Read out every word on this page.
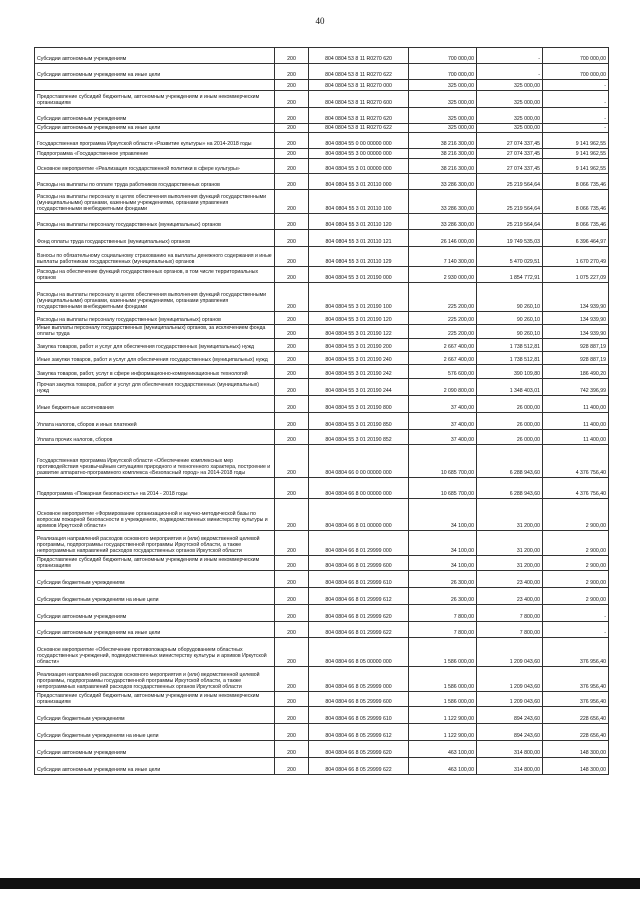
40
Субсидии автономным учреждениям	200	804 0804 53 8 11 R0270 620	700 000,00	-	700 000,00
Субсидии автономным учреждениям на иные цели	200	804 0804 53 8 11 R0270 622	700 000,00	-	700 000,00
	200	804 0804 53 8 11 R0270 000	325 000,00	325 000,00	-
Предоставление субсидий бюджетным, автономным учреждениям и иным некоммерческим организациям	200	804 0804 53 8 11 R0270 600	325 000,00	325 000,00	-
Субсидии автономным учреждениям	200	804 0804 53 8 11 R0270 620	325 000,00	325 000,00	-
Субсидии автономным учреждениям на иные цели	200	804 0804 53 8 11 R0270 622	325 000,00	325 000,00	-
Государственная программа Иркутской области «Развитие культуры» на 2014-2018 годы	200	804 0804 55 0 00 00000 000	38 216 300,00	27 074 337,45	9 141 962,55
Подпрограмма «Государственное управление	200	804 0804 55 3 00 00000 000	38 216 300,00	27 074 337,45	9 141 962,55
Основное мероприятие «Реализация государственной политики в сфере культуры»	200	804 0804 55 3 01 00000 000	38 216 300,00	27 074 337,45	9 141 962,55
Расходы на выплаты по оплате труда работников государственных органов	200	804 0804 55 3 01 20110 000	33 286 300,00	25 219 564,64	8 066 735,46
Расходы на выплаты персоналу в целях обеспечения выполнения функций государственными (муниципальными) органами, казенными учреждениями, органами управления государственными внебюджетными фондами	200	804 0804 55 3 01 20110 100	33 286 300,00	25 219 564,64	8 066 735,46
Расходы на выплаты персоналу государственных (муниципальных) органов	200	804 0804 55 3 01 20110 120	33 286 300,00	25 219 564,64	8 066 735,46
Фонд оплаты труда государственных (муниципальных) органов	200	804 0804 55 3 01 20110 121	26 146 000,00	19 749 535,03	6 396 464,97
Взносы по обязательному социальному страхованию на выплаты денежного содержания и иные выплаты работникам государственных (муниципальных) органов	200	804 0804 55 3 01 20110 129	7 140 300,00	5 470 029,51	1 670 270,49
Расходы на обеспечение функций государственных органов, в том числе территориальных органов	200	804 0804 55 3 01 20190 000	2 930 000,00	1 854 772,91	1 075 227,09
Расходы на выплаты персоналу в целях обеспечения выполнения функций государственными (муниципальными) органами, казенными учреждениями, органами управления государственными внебюджетными фондами	200	804 0804 55 3 01 20190 100	225 200,00	90 260,10	134 939,90
Расходы на выплаты персоналу государственных (муниципальных) органов	200	804 0804 55 3 01 20190 120	225 200,00	90 260,10	134 939,90
Иные выплаты персоналу государственных (муниципальных) органов, за исключением фонда оплаты труда	200	804 0804 55 3 01 20190 122	225 200,00	90 260,10	134 939,90
Закупка товаров, работ и услуг для обеспечения государственных (муниципальных) нужд	200	804 0804 55 3 01 20190 200	2 667 400,00	1 738 512,81	928 887,19
Иные закупки товаров, работ и услуг для обеспечения государственных (муниципальных) нужд	200	804 0804 55 3 01 20190 240	2 667 400,00	1 738 512,81	928 887,19
Закупка товаров, работ, услуг в сфере информационно-коммуникационных технологий	200	804 0804 55 3 01 20190 242	576 600,00	390 109,80	186 490,20
Прочая закупка товаров, работ и услуг для обеспечения государственных (муниципальных) нужд	200	804 0804 55 3 01 20190 244	2 090 800,00	1 348 403,01	742 396,99
Иные бюджетные ассигнования	200	804 0804 55 3 01 20190 800	37 400,00	26 000,00	11 400,00
Уплата налогов, сборов и иных платежей	200	804 0804 55 3 01 20190 850	37 400,00	26 000,00	11 400,00
Уплата прочих налогов, сборов	200	804 0804 55 3 01 20190 852	37 400,00	26 000,00	11 400,00
Государственная программа Иркутской области «Обеспечение комплексных мер противодействия чрезвычайным ситуациям природного и техногенного характера, построение и развитие аппаратно-программного комплекса «Безопасный город» на 2014-2018 годы	200	804 0804 66 0 00 00000 000	10 685 700,00	6 288 943,60	4 376 756,40
Подпрограмма «Пожарная безопасность» на 2014 - 2018 годы	200	804 0804 66 8 00 00000 000	10 685 700,00	6 288 943,60	4 376 756,40
Основное мероприятие «Формирование организационной и научно-методической базы по вопросам пожарной безопасности в учреждениях, подведомственных министерству культуры и архивов Иркутской области»	200	804 0804 66 8 01 00000 000	34 100,00	31 200,00	2 900,00
Реализация направлений расходов основного мероприятия и (или) ведомственной целевой программы, подпрограммы государственной программы Иркутской области, а также непрограммных направлений расходов государственных органов Иркутской области	200	804 0804 66 8 01 29999 000	34 100,00	31 200,00	2 900,00
Предоставление субсидий бюджетным, автономным учреждениям и иным некоммерческим организациям	200	804 0804 66 8 01 29999 600	34 100,00	31 200,00	2 900,00
Субсидии бюджетным учреждениям	200	804 0804 66 8 01 29999 610	26 300,00	23 400,00	2 900,00
Субсидии бюджетным учреждениям на иные цели	200	804 0804 66 8 01 29999 612	26 300,00	23 400,00	2 900,00
Субсидии автономным учреждениям	200	804 0804 66 8 01 29999 620	7 800,00	7 800,00	-
Субсидии автономным учреждениям на иные цели	200	804 0804 66 8 01 29999 622	7 800,00	7 800,00	-
Основное мероприятие «Обеспечение противопожарным оборудованием областных государственных учреждений, подведомственных министерству культуры и архивов Иркутской области»	200	804 0804 66 8 05 00000 000	1 586 000,00	1 209 043,60	376 956,40
Реализация направлений расходов основного мероприятия и (или) ведомственной целевой программы, подпрограммы государственной программы Иркутской области, а также непрограммных направлений расходов государственных органов Иркутской области	200	804 0804 66 8 05 29999 000	1 586 000,00	1 209 043,60	376 956,40
Предоставление субсидий бюджетным, автономным учреждениям и иным некоммерческим организациям	200	804 0804 66 8 05 29999 600	1 586 000,00	1 209 043,60	376 956,40
Субсидии бюджетным учреждениям	200	804 0804 66 8 05 29999 610	1 122 900,00	894 243,60	228 656,40
Субсидии бюджетным учреждениям на иные цели	200	804 0804 66 8 05 29999 612	1 122 900,00	894 243,60	228 656,40
Субсидии автономным учреждениям	200	804 0804 66 8 05 29999 620	463 100,00	314 800,00	148 300,00
Субсидии автономным учреждениям на иные цели	200	804 0804 66 8 05 29999 622	463 100,00	314 800,00	148 300,00
